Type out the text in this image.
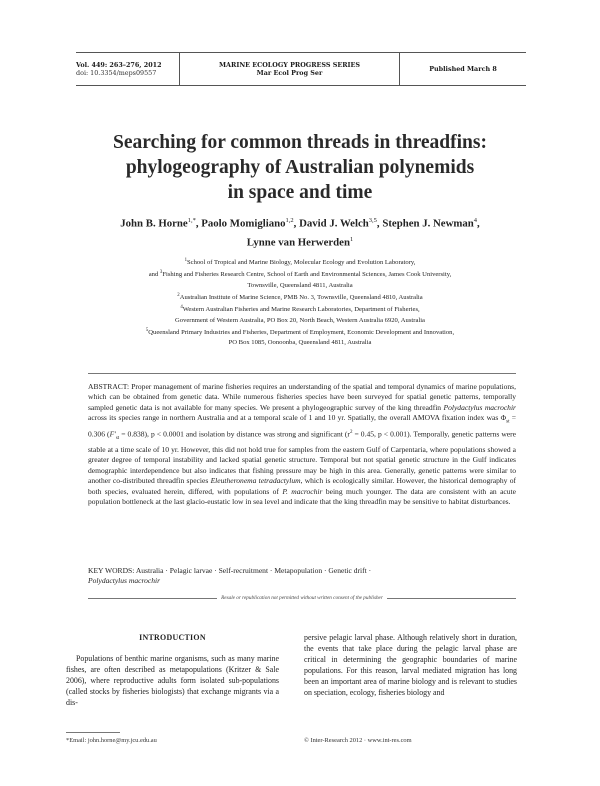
Vol. 449: 263–276, 2012
doi: 10.3354/meps09557
MARINE ECOLOGY PROGRESS SERIES
Mar Ecol Prog Ser
Published March 8
Searching for common threads in threadfins:
phylogeography of Australian polynemids
in space and time
John B. Horne$^{1,*}$, Paolo Momigliano$^{1,2}$, David J. Welch$^{3,5}$, Stephen J. Newman$^4$,
Lynne van Herwerden$^1$

$^1$School of Tropical and Marine Biology, Molecular Ecology and Evolution Laboratory,

and $^3$Fishing and Fisheries Research Centre, School of Earth and Environmental Sciences, James Cook University,

Townsville, Queensland 4811, Australia

$^2$Australian Institute of Marine Science, PMB No. 3, Townsville, Queensland 4810, Australia

$^4$Western Australian Fisheries and Marine Research Laboratories, Department of Fisheries,

Government of Western Australia, PO Box 20, North Beach, Western Australia 6920, Australia

$^5$Queensland Primary Industries and Fisheries, Department of Employment, Economic Development and Innovation,

PO Box 1085, Oonoonba, Queensland 4811, Australia

ABSTRACT: Proper management of marine fisheries requires an understanding of the spatial and temporal dynamics of marine populations, which can be obtained from genetic data. While numerous fisheries species have been surveyed for spatial genetic patterns, temporally sampled genetic data is not available for many species. We present a phylogeographic survey of the king threadfin Polydactylus macrochir across its species range in northern Australia and at a temporal scale of 1 and 10 yr. Spatially, the overall AMOVA fixation index was $\Phi_{st} = 0.306$ $(F'_{st} = 0.838)$, p < 0.0001 and isolation by distance was strong and significant ($r^2 = 0.45$, p < 0.001). Temporally, genetic patterns were stable at a time scale of 10 yr. However, this did not hold true for samples from the eastern Gulf of Carpentaria, where populations showed a greater degree of temporal instability and lacked spatial genetic structure. Temporal but not spatial genetic structure in the Gulf indicates demographic interdependence but also indicates that fishing pressure may be high in this area. Generally, genetic patterns were similar to another co-distributed threadfin species Eleutheronema tetradactylum, which is ecologically similar. However, the historical demography of both species, evaluated herein, differed, with populations of P. macrochir being much younger. The data are consistent with an acute population bottleneck at the last glacio-eustatic low in sea level and indicate that the king threadfin may be sensitive to habitat disturbances.
KEY WORDS: Australia · Pelagic larvae · Self-recruitment · Metapopulation · Genetic drift ·
Polydactylus macrochir
Resale or republication not permitted without written consent of the publisher
INTRODUCTION

Populations of benthic marine organisms, such as many marine fishes, are often described as metapopulations (Kritzer & Sale 2006), where reproductive adults form isolated sub-populations (called stocks by fisheries biologists) that exchange migrants via a dis-

persive pelagic larval phase. Although relatively short in duration, the events that take place during the pelagic larval phase are critical in determining the geographic boundaries of marine populations. For this reason, larval mediated migration has long been an important area of marine biology and is relevant to studies on speciation, ecology, fisheries biology and

*Email: john.horne@my.jcu.edu.au	© Inter-Research 2012 · www.int-res.com
